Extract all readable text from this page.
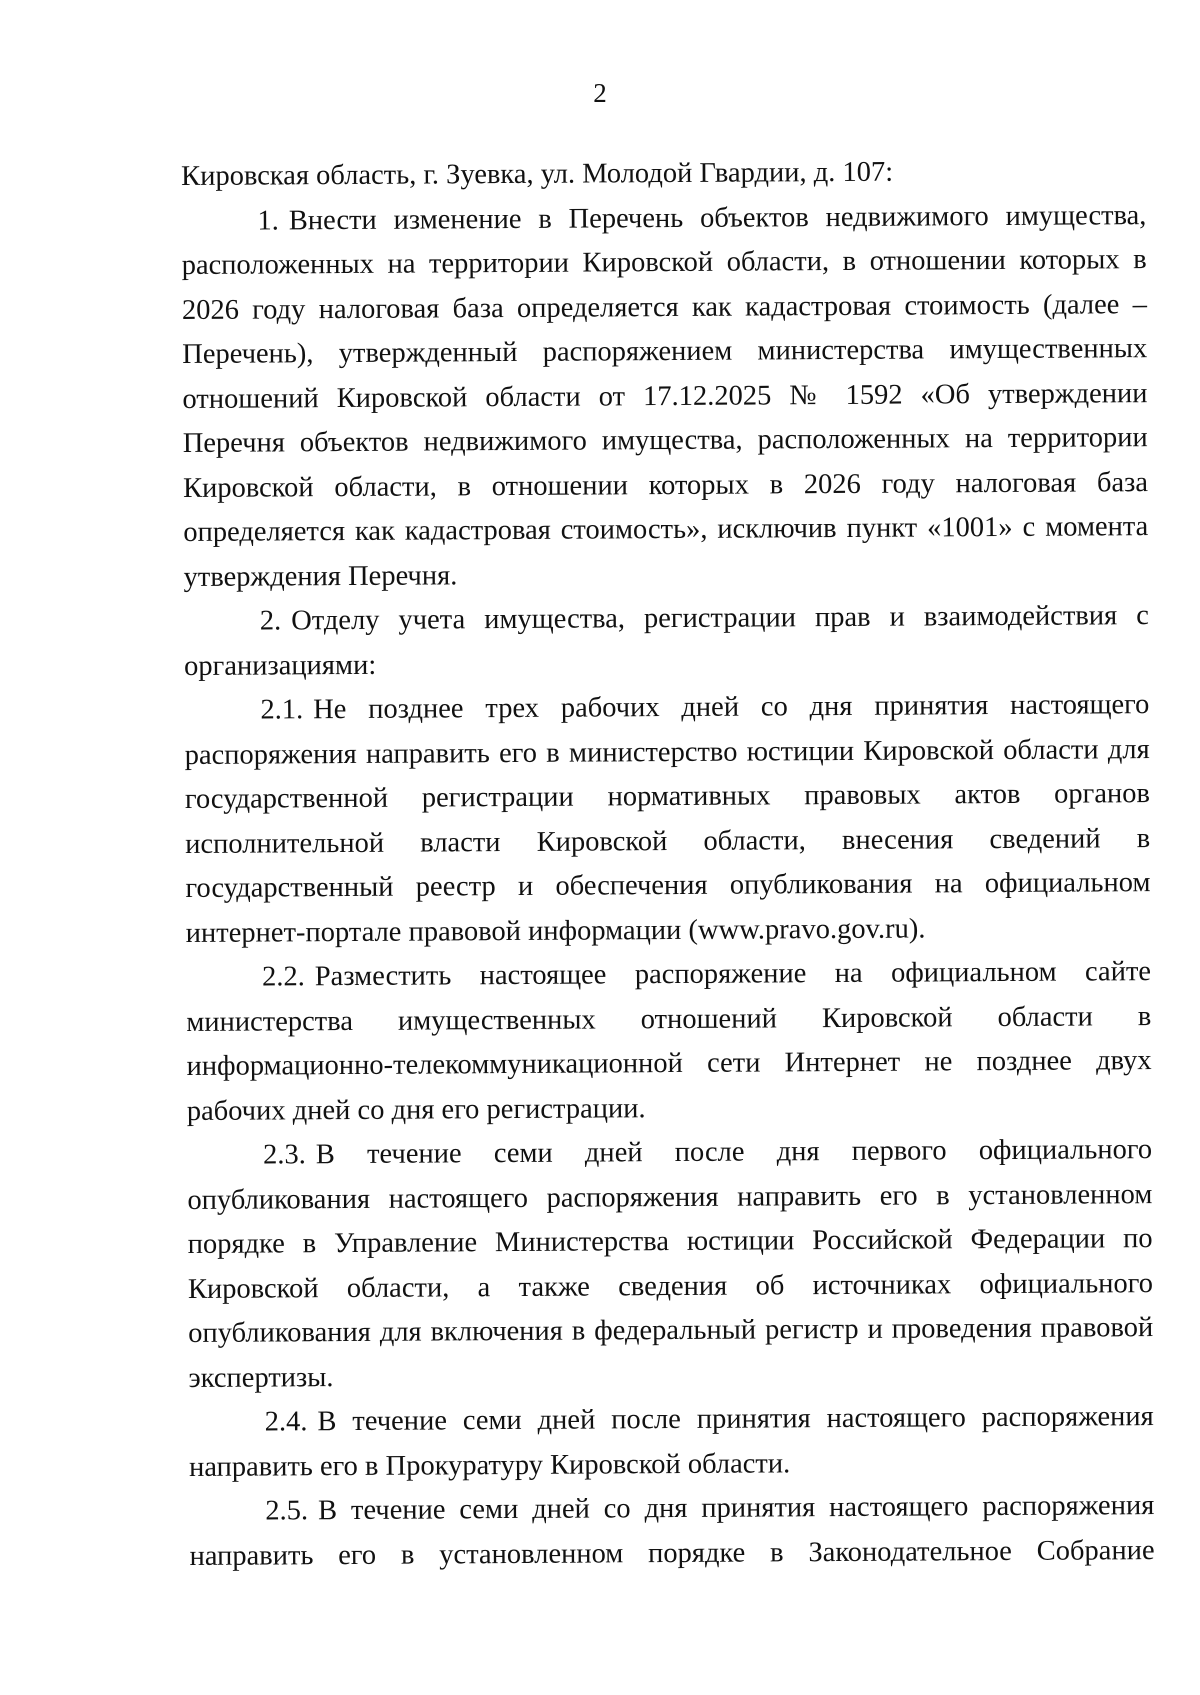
2

Кировская область, г. Зуевка, ул. Молодой Гвардии, д. 107:

1. Внести изменение в Перечень объектов недвижимого имущества, расположенных на территории Кировской области, в отношении которых в 2026 году налоговая база определяется как кадастровая стоимость (далее – Перечень), утвержденный распоряжением министерства имущественных отношений Кировской области от 17.12.2025 № 1592 «Об утверждении Перечня объектов недвижимого имущества, расположенных на территории Кировской области, в отношении которых в 2026 году налоговая база определяется как кадастровая стоимость», исключив пункт «1001» с момента утверждения Перечня.

2. Отделу учета имущества, регистрации прав и взаимодействия с организациями:

2.1. Не позднее трех рабочих дней со дня принятия настоящего распоряжения направить его в министерство юстиции Кировской области для государственной регистрации нормативных правовых актов органов исполнительной власти Кировской области, внесения сведений в государственный реестр и обеспечения опубликования на официальном интернет-портале правовой информации (www.pravo.gov.ru).

2.2. Разместить настоящее распоряжение на официальном сайте министерства имущественных отношений Кировской области в информационно-телекоммуникационной сети Интернет не позднее двух рабочих дней со дня его регистрации.

2.3. В течение семи дней после дня первого официального опубликования настоящего распоряжения направить его в установленном порядке в Управление Министерства юстиции Российской Федерации по Кировской области, а также сведения об источниках официального опубликования для включения в федеральный регистр и проведения правовой экспертизы.

2.4. В течение семи дней после принятия настоящего распоряжения направить его в Прокуратуру Кировской области.

2.5. В течение семи дней со дня принятия настоящего распоряжения направить его в установленном порядке в Законодательное Собрание
